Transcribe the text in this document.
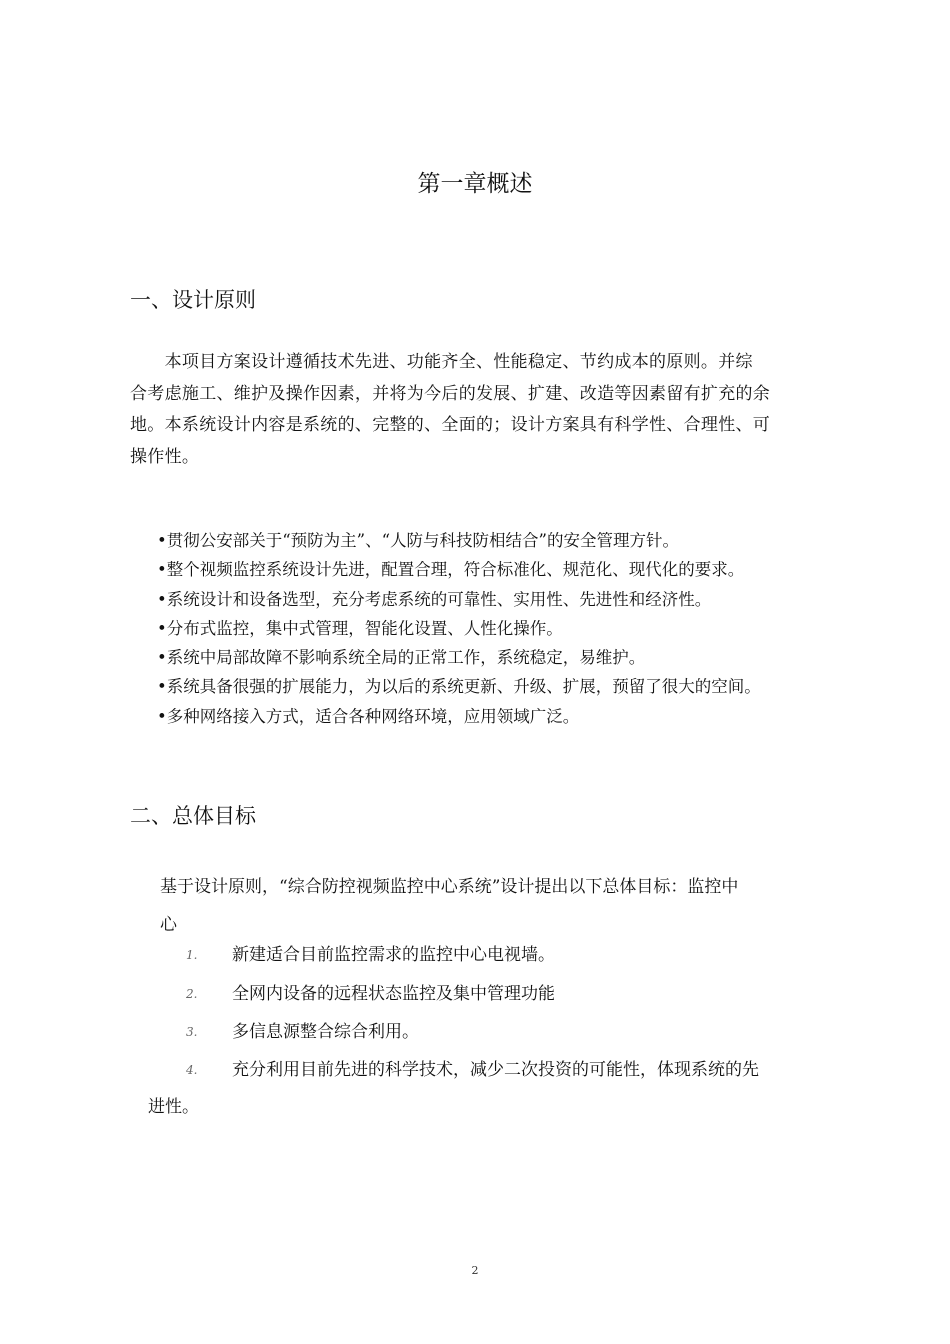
第一章概述
一、设计原则
　　本项目方案设计遵循技术先进、功能齐全、性能稳定、节约成本的原则。并综
合考虑施工、维护及操作因素，并将为今后的发展、扩建、改造等因素留有扩充的余
地。本系统设计内容是系统的、完整的、全面的；设计方案具有科学性、合理性、可
操作性。
•贯彻公安部关于“预防为主”、“人防与科技防相结合”的安全管理方针。
•整个视频监控系统设计先进，配置合理，符合标准化、规范化、现代化的要求。
•系统设计和设备选型，充分考虑系统的可靠性、实用性、先进性和经济性。
•分布式监控，集中式管理，智能化设置、人性化操作。
•系统中局部故障不影响系统全局的正常工作，系统稳定，易维护。
•系统具备很强的扩展能力，为以后的系统更新、升级、扩展，预留了很大的空间。
•多种网络接入方式，适合各种网络环境，应用领域广泛。
二、总体目标
基于设计原则，“综合防控视频监控中心系统”设计提出以下总体目标：监控中
心
1. 新建适合目前监控需求的监控中心电视墙。
2. 全网内设备的远程状态监控及集中管理功能
3. 多信息源整合综合利用。
4. 充分利用目前先进的科学技术，减少二次投资的可能性，体现系统的先
进性。
2
